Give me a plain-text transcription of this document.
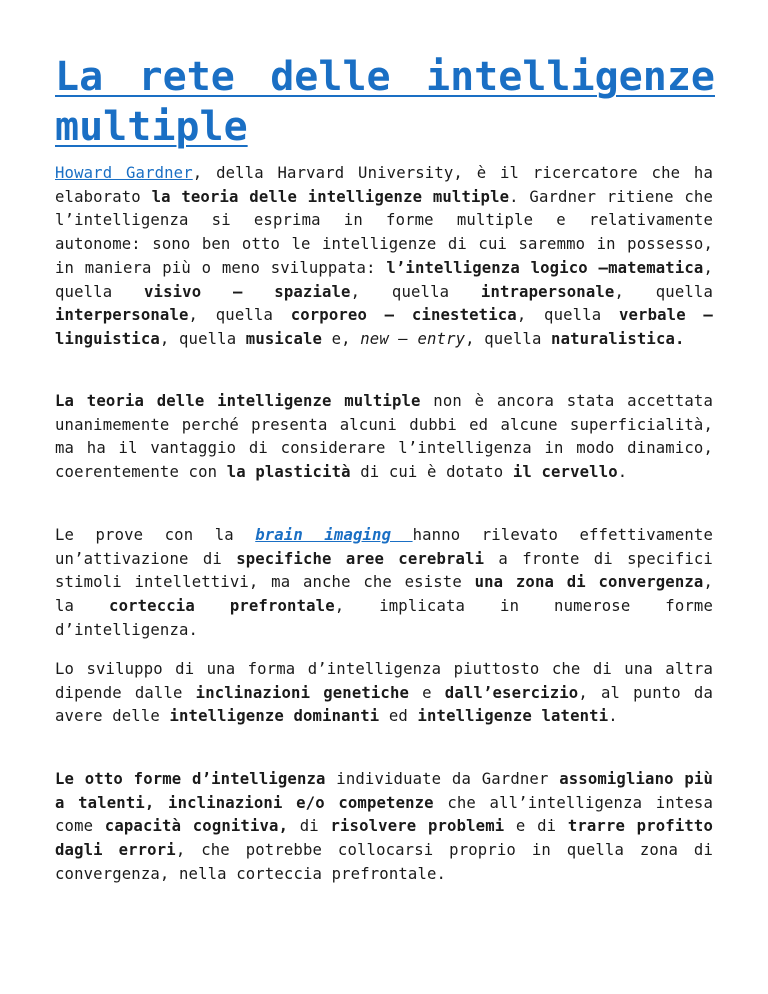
La rete delle intelligenze multiple

Howard Gardner, della Harvard University, è il ricercatore che ha elaborato la teoria delle intelligenze multiple. Gardner ritiene che l’intelligenza si esprima in forme multiple e relativamente autonome: sono ben otto le intelligenze di cui saremmo in possesso, in maniera più o meno sviluppata: l’intelligenza logico –matematica, quella visivo – spaziale, quella intrapersonale, quella interpersonale, quella corporeo – cinestetica, quella verbale – linguistica, quella musicale e, new – entry, quella naturalistica.

La teoria delle intelligenze multiple non è ancora stata accettata unanimemente perché presenta alcuni dubbi ed alcune superficialità, ma ha il vantaggio di considerare l’intelligenza in modo dinamico, coerentemente con la plasticità di cui è dotato il cervello.

Le prove con la brain imaging hanno rilevato effettivamente un’attivazione di specifiche aree cerebrali a fronte di specifici stimoli intellettivi, ma anche che esiste una zona di convergenza, la corteccia prefrontale, implicata in numerose forme d’intelligenza.

Lo sviluppo di una forma d’intelligenza piuttosto che di una altra dipende dalle inclinazioni genetiche e dall’esercizio, al punto da avere delle intelligenze dominanti ed intelligenze latenti.

Le otto forme d’intelligenza individuate da Gardner assomigliano più a talenti, inclinazioni e/o competenze che all’intelligenza intesa come capacità cognitiva, di risolvere problemi e di trarre profitto dagli errori, che potrebbe collocarsi proprio in quella zona di convergenza, nella corteccia prefrontale.
